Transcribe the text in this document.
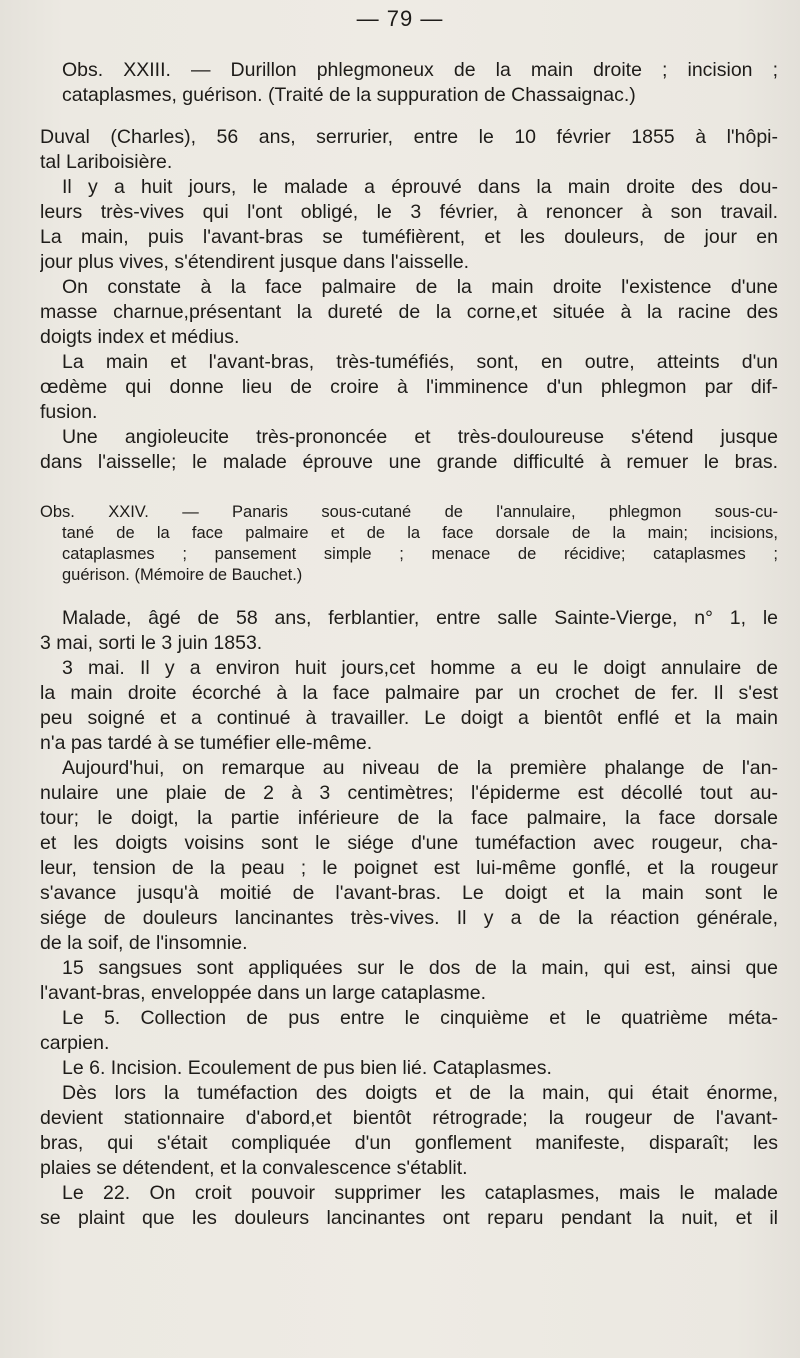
— 79 —

Obs. XXIII. — Durillon phlegmoneux de la main droite ; incision ;
cataplasmes, guérison. (Traité de la suppuration de Chassaignac.)
Duval (Charles), 56 ans, serrurier, entre le 10 février 1855 à l'hôpi-
tal Lariboisière.
Il y a huit jours, le malade a éprouvé dans la main droite des dou-
leurs très-vives qui l'ont obligé, le 3 février, à renoncer à son travail.
La main, puis l'avant-bras se tuméfièrent, et les douleurs, de jour en
jour plus vives, s'étendirent jusque dans l'aisselle.
On constate à la face palmaire de la main droite l'existence d'une
masse charnue,présentant la dureté de la corne,et située à la racine des
doigts index et médius.
La main et l'avant-bras, très-tuméfiés, sont, en outre, atteints d'un
œdème qui donne lieu de croire à l'imminence d'un phlegmon par dif-
fusion.
Une angioleucite très-prononcée et très-douloureuse s'étend jusque
dans l'aisselle; le malade éprouve une grande difficulté à remuer le bras.
Obs. XXIV. — Panaris sous-cutané de l'annulaire, phlegmon sous-cu-
tané de la face palmaire et de la face dorsale de la main; incisions,
cataplasmes ; pansement simple ; menace de récidive; cataplasmes ;
guérison. (Mémoire de Bauchet.)
Malade, âgé de 58 ans, ferblantier, entre salle Sainte-Vierge, n° 1, le
3 mai, sorti le 3 juin 1853.
3 mai. Il y a environ huit jours,cet homme a eu le doigt annulaire de
la main droite écorché à la face palmaire par un crochet de fer. Il s'est
peu soigné et a continué à travailler. Le doigt a bientôt enflé et la main
n'a pas tardé à se tuméfier elle-même.
Aujourd'hui, on remarque au niveau de la première phalange de l'an-
nulaire une plaie de 2 à 3 centimètres; l'épiderme est décollé tout au-
tour; le doigt, la partie inférieure de la face palmaire, la face dorsale
et les doigts voisins sont le siége d'une tuméfaction avec rougeur, cha-
leur, tension de la peau ; le poignet est lui-même gonflé, et la rougeur
s'avance jusqu'à moitié de l'avant-bras. Le doigt et la main sont le
siége de douleurs lancinantes très-vives. Il y a de la réaction générale,
de la soif, de l'insomnie.
15 sangsues sont appliquées sur le dos de la main, qui est, ainsi que
l'avant-bras, enveloppée dans un large cataplasme.
Le 5. Collection de pus entre le cinquième et le quatrième méta-
carpien.
Le 6. Incision. Ecoulement de pus bien lié. Cataplasmes.
Dès lors la tuméfaction des doigts et de la main, qui était énorme,
devient stationnaire d'abord,et bientôt rétrograde; la rougeur de l'avant-
bras, qui s'était compliquée d'un gonflement manifeste, disparaît; les
plaies se détendent, et la convalescence s'établit.
Le 22. On croit pouvoir supprimer les cataplasmes, mais le malade
se plaint que les douleurs lancinantes ont reparu pendant la nuit, et il
